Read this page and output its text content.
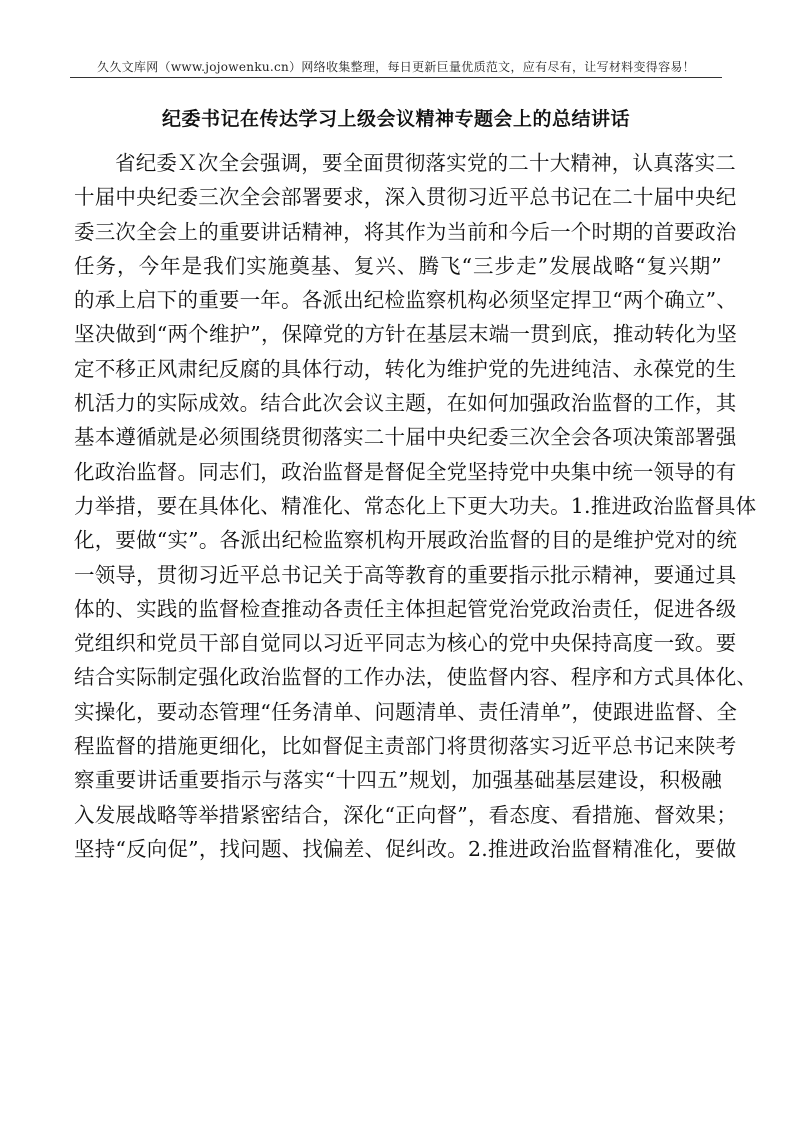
久久文库网（www.jojowenku.cn）网络收集整理，每日更新巨量优质范文，应有尽有，让写材料变得容易！
纪委书记在传达学习上级会议精神专题会上的总结讲话
省纪委Ｘ次全会强调，要全面贯彻落实党的二十大精神，认真落实二
十届中央纪委三次全会部署要求，深入贯彻习近平总书记在二十届中央纪
委三次全会上的重要讲话精神，将其作为当前和今后一个时期的首要政治
任务，今年是我们实施奠基、复兴、腾飞“三步走”发展战略“复兴期”
的承上启下的重要一年。各派出纪检监察机构必须坚定捍卫“两个确立”、
坚决做到“两个维护”，保障党的方针在基层末端一贯到底，推动转化为坚
定不移正风肃纪反腐的具体行动，转化为维护党的先进纯洁、永葆党的生
机活力的实际成效。结合此次会议主题，在如何加强政治监督的工作，其
基本遵循就是必须围绕贯彻落实二十届中央纪委三次全会各项决策部署强
化政治监督。同志们，政治监督是督促全党坚持党中央集中统一领导的有
力举措，要在具体化、精准化、常态化上下更大功夫。1.推进政治监督具体
化，要做“实”。各派出纪检监察机构开展政治监督的目的是维护党对的统
一领导，贯彻习近平总书记关于高等教育的重要指示批示精神，要通过具
体的、实践的监督检查推动各责任主体担起管党治党政治责任，促进各级
党组织和党员干部自觉同以习近平同志为核心的党中央保持高度一致。要
结合实际制定强化政治监督的工作办法，使监督内容、程序和方式具体化、
实操化，要动态管理“任务清单、问题清单、责任清单”，使跟进监督、全
程监督的措施更细化，比如督促主责部门将贯彻落实习近平总书记来陕考
察重要讲话重要指示与落实“十四五”规划，加强基础基层建设，积极融
入发展战略等举措紧密结合，深化“正向督”，看态度、看措施、督效果；
坚持“反向促”，找问题、找偏差、促纠改。2.推进政治监督精准化，要做
